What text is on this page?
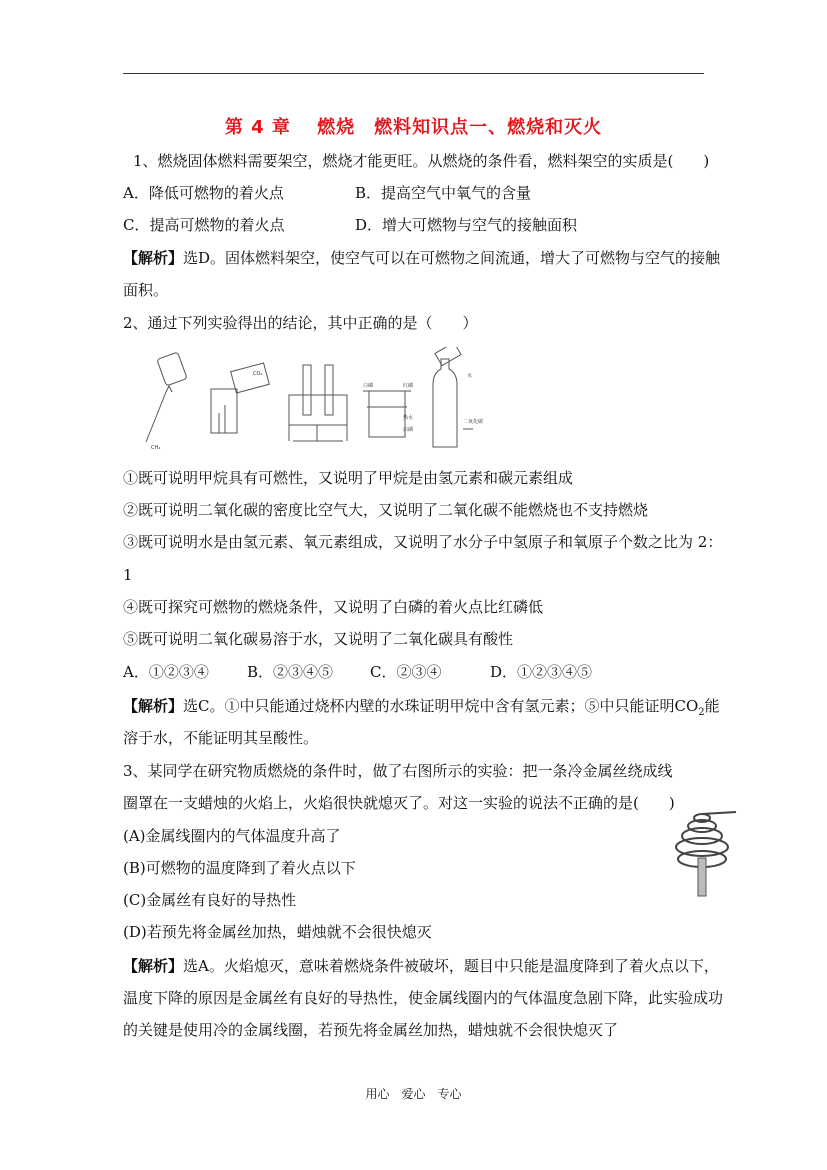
第 4 章　 燃烧　燃料知识点一、燃烧和灭火
1、燃烧固体燃料需要架空，燃烧才能更旺。从燃烧的条件看，燃料架空的实质是(　　)
A．降低可燃物的着火点	B．提高空气中氧气的含量
C．提高可燃物的着火点	D．增大可燃物与空气的接触面积
【解析】选D。固体燃料架空，使空气可以在可燃物之间流通，增大了可燃物与空气的接触
面积。
2、通过下列实验得出的结论，其中正确的是（　　）
CH₄
CO₂
白磷	红磷
热水
白磷
水
二氧化碳
①既可说明甲烷具有可燃性，又说明了甲烷是由氢元素和碳元素组成
②既可说明二氧化碳的密度比空气大，又说明了二氧化碳不能燃烧也不支持燃烧
③既可说明水是由氢元素、氧元素组成，又说明了水分子中氢原子和氧原子个数之比为 2：
1
④既可探究可燃物的燃烧条件，又说明了白磷的着火点比红磷低
⑤既可说明二氧化碳易溶于水，又说明了二氧化碳具有酸性
A．①②③④	B．②③④⑤ C．②③④	D．①②③④⑤
【解析】选C。①中只能通过烧杯内壁的水珠证明甲烷中含有氢元素；⑤中只能证明$CO_2$能
溶于水，不能证明其呈酸性。
3、某同学在研究物质燃烧的条件时，做了右图所示的实验：把一条冷金属丝绕成线
圈罩在一支蜡烛的火焰上，火焰很快就熄灭了。对这一实验的说法不正确的是(　　)
(A)金属线圈内的气体温度升高了
(B)可燃物的温度降到了着火点以下
(C)金属丝有良好的导热性
(D)若预先将金属丝加热，蜡烛就不会很快熄灭
【解析】选A。火焰熄灭，意味着燃烧条件被破坏，题目中只能是温度降到了着火点以下，
温度下降的原因是金属丝有良好的导热性，使金属线圈内的气体温度急剧下降，此实验成功
的关键是使用冷的金属线圈，若预先将金属丝加热，蜡烛就不会很快熄灭了
用心　爱心　专心
